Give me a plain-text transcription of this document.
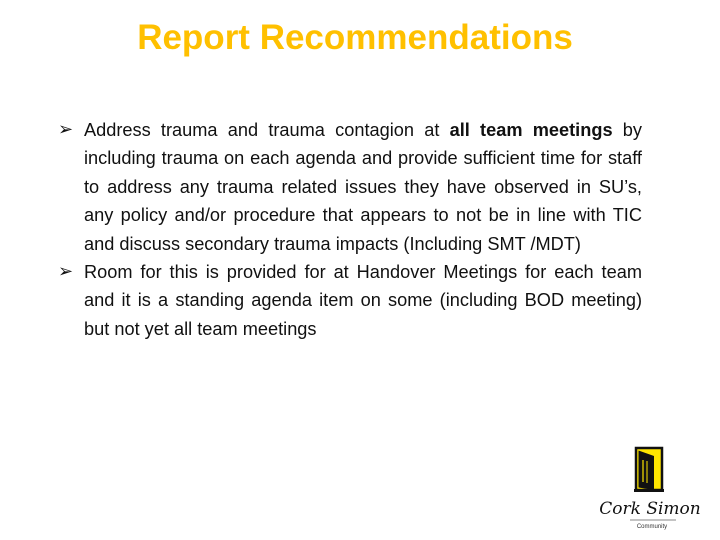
Report Recommendations
➢ Address trauma and trauma contagion at all team meetings by including trauma on each agenda and provide sufficient time for staff to address any trauma related issues they have observed in SU’s, any policy and/or procedure that appears to not be in line with TIC and discuss secondary trauma impacts (Including SMT /MDT)
➢ Room for this is provided for at Handover Meetings for each team and it is a standing agenda item on some (including BOD meeting) but not yet all team meetings
Cork Simon
Community
